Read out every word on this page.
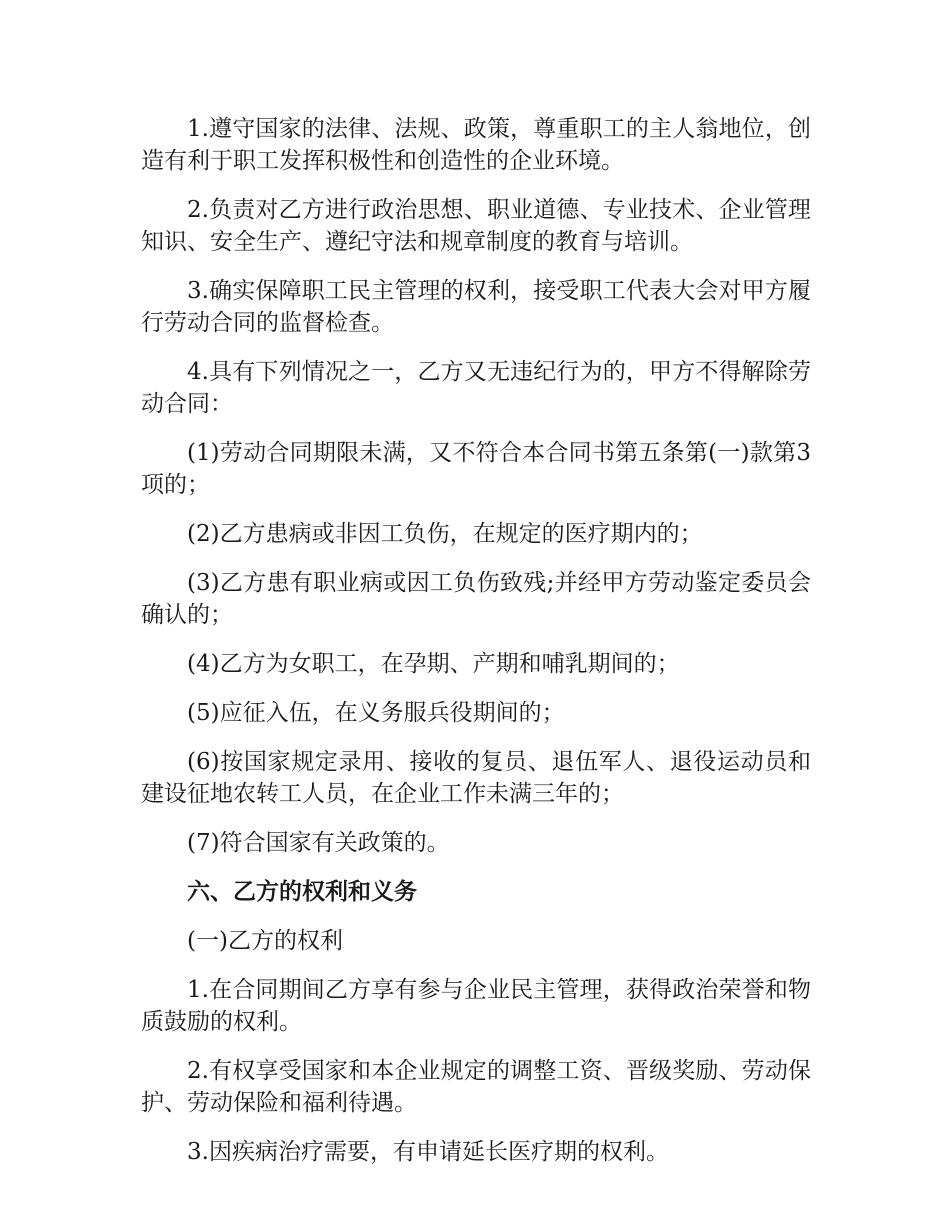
1.遵守国家的法律、法规、政策，尊重职工的主人翁地位，创造有利于职工发挥积极性和创造性的企业环境。

2.负责对乙方进行政治思想、职业道德、专业技术、企业管理知识、安全生产、遵纪守法和规章制度的教育与培训。

3.确实保障职工民主管理的权利，接受职工代表大会对甲方履行劳动合同的监督检查。

4.具有下列情况之一，乙方又无违纪行为的，甲方不得解除劳动合同：

(1)劳动合同期限未满，又不符合本合同书第五条第(一)款第3项的；

(2)乙方患病或非因工负伤，在规定的医疗期内的；

(3)乙方患有职业病或因工负伤致残;并经甲方劳动鉴定委员会确认的；

(4)乙方为女职工，在孕期、产期和哺乳期间的；

(5)应征入伍，在义务服兵役期间的；

(6)按国家规定录用、接收的复员、退伍军人、退役运动员和建设征地农转工人员，在企业工作未满三年的；

(7)符合国家有关政策的。

六、乙方的权利和义务

(一)乙方的权利

1.在合同期间乙方享有参与企业民主管理，获得政治荣誉和物质鼓励的权利。

2.有权享受国家和本企业规定的调整工资、晋级奖励、劳动保护、劳动保险和福利待遇。

3.因疾病治疗需要，有申请延长医疗期的权利。
